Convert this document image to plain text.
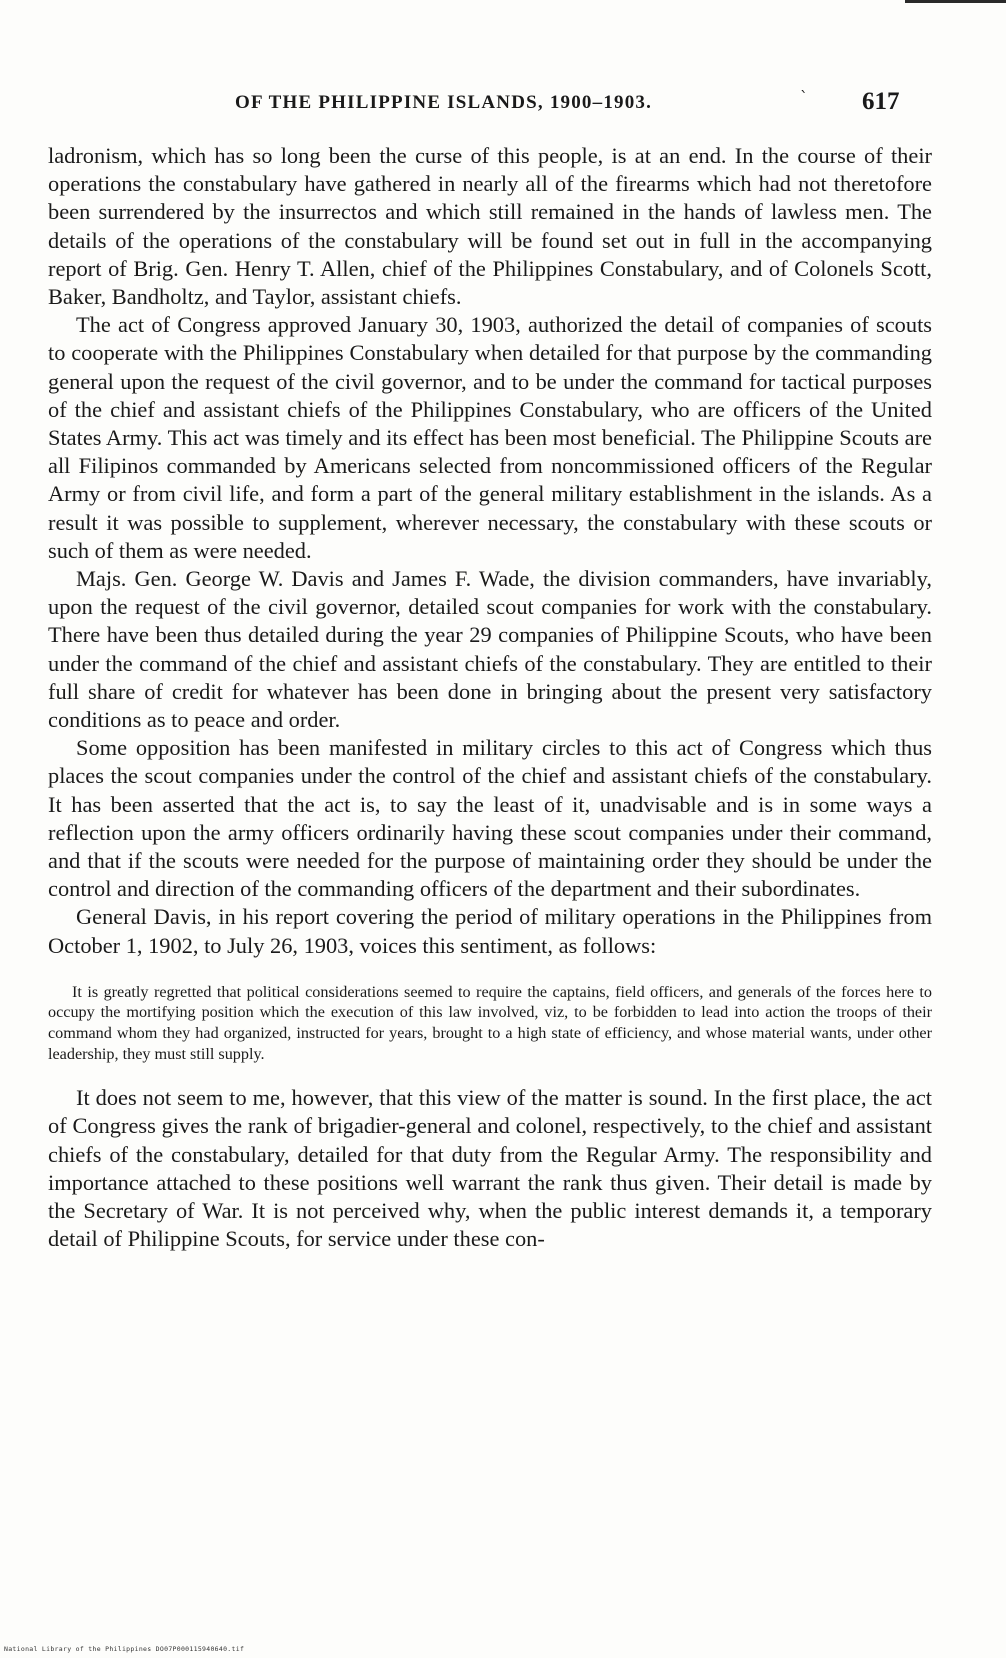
OF THE PHILIPPINE ISLANDS, 1900–1903.	` 617

ladronism, which has so long been the curse of this people, is at an end. In the course of their operations the constabulary have gathered in nearly all of the firearms which had not theretofore been surrendered by the insurrectos and which still remained in the hands of lawless men. The details of the operations of the constabulary will be found set out in full in the accompanying report of Brig. Gen. Henry T. Allen, chief of the Philippines Constabulary, and of Colonels Scott, Baker, Bandholtz, and Taylor, assistant chiefs.

The act of Congress approved January 30, 1903, authorized the detail of companies of scouts to cooperate with the Philippines Constabulary when detailed for that purpose by the commanding general upon the request of the civil governor, and to be under the command for tactical purposes of the chief and assistant chiefs of the Philippines Constabulary, who are officers of the United States Army. This act was timely and its effect has been most beneficial. The Philippine Scouts are all Filipinos commanded by Americans selected from noncommissioned officers of the Regular Army or from civil life, and form a part of the general military establishment in the islands. As a result it was possible to supplement, wherever necessary, the constabulary with these scouts or such of them as were needed.

Majs. Gen. George W. Davis and James F. Wade, the division commanders, have invariably, upon the request of the civil governor, detailed scout companies for work with the constabulary. There have been thus detailed during the year 29 companies of Philippine Scouts, who have been under the command of the chief and assistant chiefs of the constabulary. They are entitled to their full share of credit for whatever has been done in bringing about the present very satisfactory conditions as to peace and order.

Some opposition has been manifested in military circles to this act of Congress which thus places the scout companies under the control of the chief and assistant chiefs of the constabulary. It has been asserted that the act is, to say the least of it, unadvisable and is in some ways a reflection upon the army officers ordinarily having these scout companies under their command, and that if the scouts were needed for the purpose of maintaining order they should be under the control and direction of the commanding officers of the department and their subordinates.

General Davis, in his report covering the period of military operations in the Philippines from October 1, 1902, to July 26, 1903, voices this sentiment, as follows:

It is greatly regretted that political considerations seemed to require the captains, field officers, and generals of the forces here to occupy the mortifying position which the execution of this law involved, viz, to be forbidden to lead into action the troops of their command whom they had organized, instructed for years, brought to a high state of efficiency, and whose material wants, under other leadership, they must still supply.

It does not seem to me, however, that this view of the matter is sound. In the first place, the act of Congress gives the rank of brigadier-general and colonel, respectively, to the chief and assistant chiefs of the constabulary, detailed for that duty from the Regular Army. The responsibility and importance attached to these positions well warrant the rank thus given. Their detail is made by the Secretary of War. It is not perceived why, when the public interest demands it, a temporary detail of Philippine Scouts, for service under these con-

National Library of the Philippines DO07P000115940640.tif
